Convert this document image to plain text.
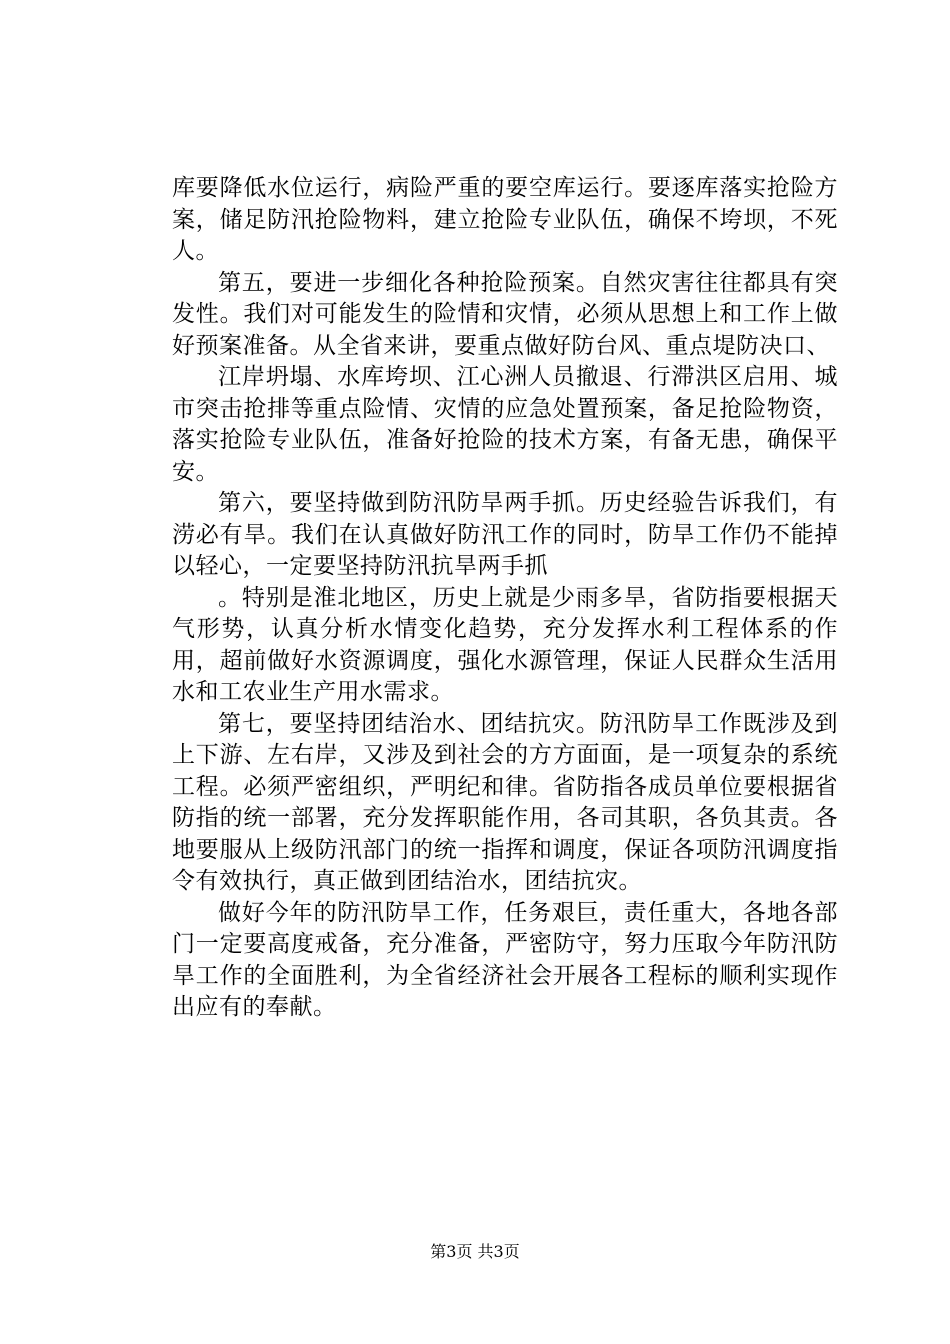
库要降低水位运行，病险严重的要空库运行。要逐库落实抢险方案，储足防汛抢险物料，建立抢险专业队伍，确保不垮坝，不死人。

第五，要进一步细化各种抢险预案。自然灾害往往都具有突发性。我们对可能发生的险情和灾情，必须从思想上和工作上做好预案准备。从全省来讲，要重点做好防台风、重点堤防决口、

江岸坍塌、水库垮坝、江心洲人员撤退、行滞洪区启用、城市突击抢排等重点险情、灾情的应急处置预案，备足抢险物资，落实抢险专业队伍，准备好抢险的技术方案，有备无患，确保平安。

第六，要坚持做到防汛防旱两手抓。历史经验告诉我们，有涝必有旱。我们在认真做好防汛工作的同时，防旱工作仍不能掉以轻心，一定要坚持防汛抗旱两手抓

。特别是淮北地区，历史上就是少雨多旱，省防指要根据天气形势，认真分析水情变化趋势，充分发挥水利工程体系的作用，超前做好水资源调度，强化水源管理，保证人民群众生活用水和工农业生产用水需求。

第七，要坚持团结治水、团结抗灾。防汛防旱工作既涉及到上下游、左右岸，又涉及到社会的方方面面，是一项复杂的系统工程。必须严密组织，严明纪和律。省防指各成员单位要根据省防指的统一部署，充分发挥职能作用，各司其职，各负其责。各地要服从上级防汛部门的统一指挥和调度，保证各项防汛调度指令有效执行，真正做到团结治水，团结抗灾。

做好今年的防汛防旱工作，任务艰巨，责任重大，各地各部门一定要高度戒备，充分准备，严密防守，努力压取今年防汛防旱工作的全面胜利，为全省经济社会开展各工程标的顺利实现作出应有的奉献。

第3页 共3页
